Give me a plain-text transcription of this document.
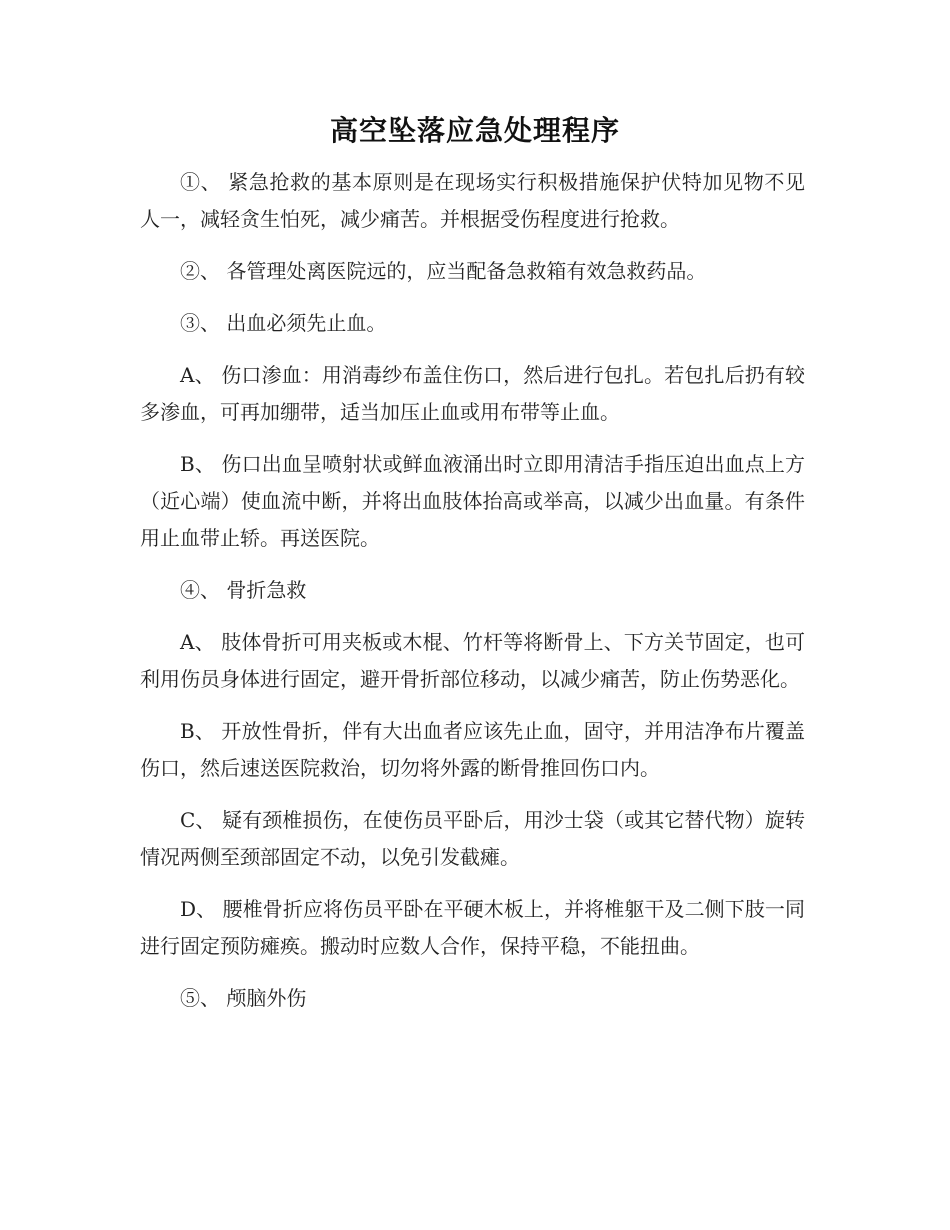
高空坠落应急处理程序

①、 紧急抢救的基本原则是在现场实行积极措施保护伏特加见物不见人一，减轻贪生怕死，减少痛苦。并根据受伤程度进行抢救。

②、 各管理处离医院远的，应当配备急救箱有效急救药品。

③、 出血必须先止血。

A、 伤口渗血：用消毒纱布盖住伤口，然后进行包扎。若包扎后扔有较多渗血，可再加绷带，适当加压止血或用布带等止血。

B、 伤口出血呈喷射状或鲜血液涌出时立即用清洁手指压迫出血点上方（近心端）使血流中断，并将出血肢体抬高或举高，以减少出血量。有条件用止血带止轿。再送医院。

④、 骨折急救

A、 肢体骨折可用夹板或木棍、竹杆等将断骨上、下方关节固定，也可利用伤员身体进行固定，避开骨折部位移动，以减少痛苦，防止伤势恶化。

B、 开放性骨折，伴有大出血者应该先止血，固守，并用洁净布片覆盖伤口，然后速送医院救治，切勿将外露的断骨推回伤口内。

C、 疑有颈椎损伤，在使伤员平卧后，用沙士袋（或其它替代物）旋转情况两侧至颈部固定不动，以免引发截瘫。

D、 腰椎骨折应将伤员平卧在平硬木板上，并将椎躯干及二侧下肢一同进行固定预防瘫痪。搬动时应数人合作，保持平稳，不能扭曲。

⑤、 颅脑外伤
